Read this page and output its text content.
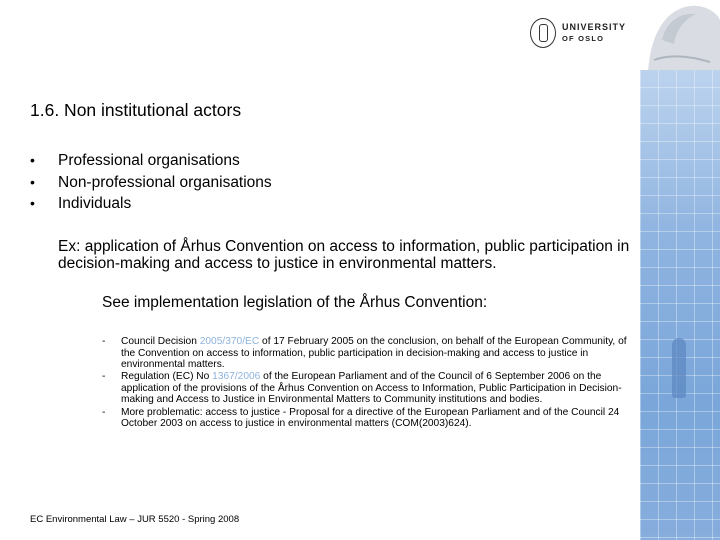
UNIVERSITY
OF OSLO
1.6. Non institutional actors
• Professional organisations
• Non-professional organisations
• Individuals

Ex: application of Århus Convention on access to information, public participation in decision-making and access to justice in environmental matters.

See implementation legislation of the Århus Convention:

- Council Decision 2005/370/EC of 17 February 2005 on the conclusion, on behalf of the European Community, of the Convention on access to information, public participation in decision-making and access to justice in environmental matters.
- Regulation (EC) No 1367/2006 of the European Parliament and of the Council of 6 September 2006 on the application of the provisions of the Århus Convention on Access to Information, Public Participation in Decision-making and Access to Justice in Environmental Matters to Community institutions and bodies.
- More problematic: access to justice - Proposal for a directive of the European Parliament and of the Council 24 October 2003 on access to justice in environmental matters (COM(2003)624).
EC Environmental Law – JUR 5520 - Spring 2008
